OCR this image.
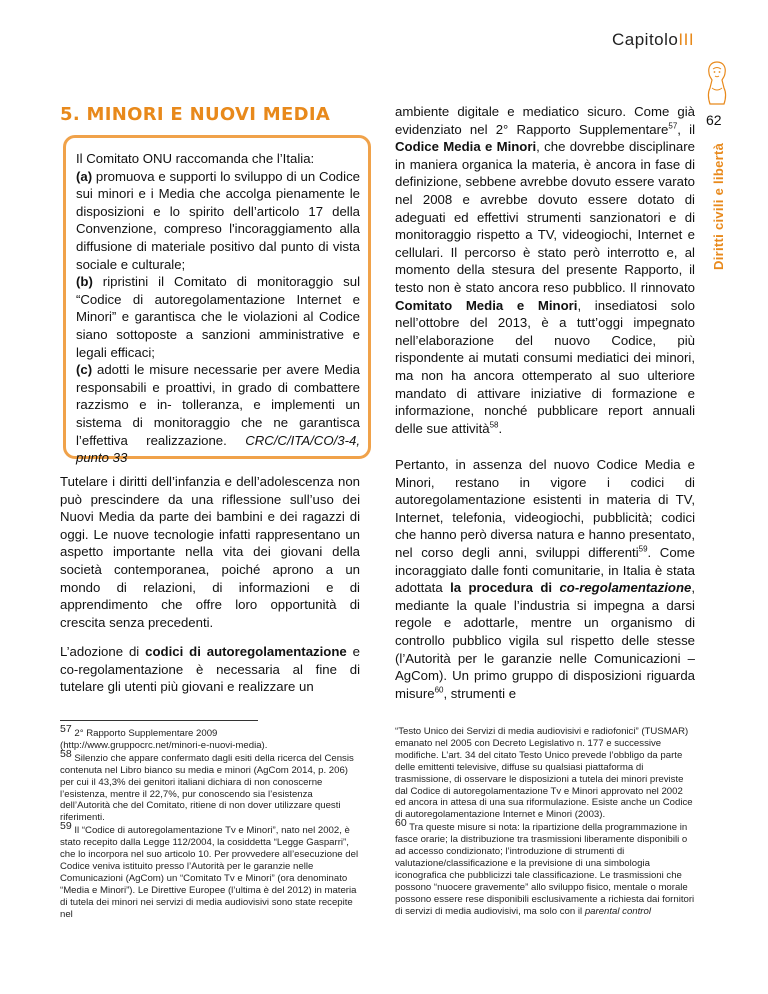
CapitoloIII
62
Diritti civili e libertà
5. MINORI E NUOVI MEDIA

Il Comitato ONU raccomanda che l’Italia:

(a) promuova e supporti lo sviluppo di un Codice sui minori e i Media che accolga pienamente le disposizioni e lo spirito dell’articolo 17 della Convenzione, compreso l'incoraggiamento alla diffusione di materiale positivo dal punto di vista sociale e culturale;

(b) ripristini il Comitato di monitoraggio sul “Codice di autoregolamentazione Internet e Minori” e garantisca che le violazioni al Codice siano sottoposte a sanzioni amministrative e legali efficaci;

(c) adotti le misure necessarie per avere Media responsabili e proattivi, in grado di combattere razzismo e in- tolleranza, e implementi un sistema di monitoraggio che ne garantisca l’effettiva realizzazione. CRC/C/ITA/CO/3-4, punto 33

Tutelare i diritti dell’infanzia e dell’adolescenza non può prescindere da una riflessione sull’uso dei Nuovi Media da parte dei bambini e dei ragazzi di oggi. Le nuove tecnologie infatti rappresentano un aspetto importante nella vita dei giovani della società contemporanea, poiché aprono a un mondo di relazioni, di informazioni e di apprendimento che offre loro opportunità di crescita senza precedenti.

L’adozione di codici di autoregolamentazione e co-regolamentazione è necessaria al fine di tutelare gli utenti più giovani e realizzare un

ambiente digitale e mediatico sicuro. Come già evidenziato nel 2° Rapporto Supplementare$^{57}$, il Codice Media e Minori, che dovrebbe disciplinare in maniera organica la materia, è ancora in fase di definizione, sebbene avrebbe dovuto essere varato nel 2008 e avrebbe dovuto essere dotato di adeguati ed effettivi strumenti sanzionatori e di monitoraggio rispetto a TV, videogiochi, Internet e cellulari. Il percorso è stato però interrotto e, al momento della stesura del presente Rapporto, il testo non è stato ancora reso pubblico. Il rinnovato Comitato Media e Minori, insediatosi solo nell’ottobre del 2013, è a tutt’oggi impegnato nell’elaborazione del nuovo Codice, più rispondente ai mutati consumi mediatici dei minori, ma non ha ancora ottemperato al suo ulteriore mandato di attivare iniziative di formazione e informazione, nonché pubblicare report annuali delle sue attività$^{58}$.

Pertanto, in assenza del nuovo Codice Media e Minori, restano in vigore i codici di autoregolamentazione esistenti in materia di TV, Internet, telefonia, videogiochi, pubblicità; codici che hanno però diversa natura e hanno presentato, nel corso degli anni, sviluppi differenti$^{59}$. Come incoraggiato dalle fonti comunitarie, in Italia è stata adottata la procedura di co-regolamentazione, mediante la quale l’industria si impegna a darsi regole e adottarle, mentre un organismo di controllo pubblico vigila sul rispetto delle stesse (l’Autorità per le garanzie nelle Comunicazioni – AgCom). Un primo gruppo di disposizioni riguarda misure$^{60}$, strumenti e

$^{57}$ 2° Rapporto Supplementare 2009 (http://www.gruppocrc.net/minori-e-nuovi-media).

$^{58}$ Silenzio che appare confermato dagli esiti della ricerca del Censis contenuta nel Libro bianco su media e minori (AgCom 2014, p. 206) per cui il 43,3% dei genitori italiani dichiara di non conoscerne l’esistenza, mentre il 22,7%, pur conoscendo sia l’esistenza dell’Autorità che del Comitato, ritiene di non dover utilizzare questi riferimenti.

$^{59}$ Il “Codice di autoregolamentazione Tv e Minori”, nato nel 2002, è stato recepito dalla Legge 112/2004, la cosiddetta “Legge Gasparri”, che lo incorpora nel suo articolo 10. Per provvedere all’esecuzione del Codice veniva istituito presso l’Autorità per le garanzie nelle Comunicazioni (AgCom) un “Comitato Tv e Minori” (ora denominato “Media e Minori”). Le Direttive Europee (l’ultima è del 2012) in materia di tutela dei minori nei servizi di media audiovisivi sono state recepite nel

“Testo Unico dei Servizi di media audiovisivi e radiofonici” (TUSMAR) emanato nel 2005 con Decreto Legislativo n. 177 e successive modifiche. L’art. 34 del citato Testo Unico prevede l’obbligo da parte delle emittenti televisive, diffuse su qualsiasi piattaforma di trasmissione, di osservare le disposizioni a tutela dei minori previste dal Codice di autoregolamentazione Tv e Minori approvato nel 2002 ed ancora in attesa di una sua riformulazione. Esiste anche un Codice di autoregolamentazione Internet e Minori (2003).

$^{60}$ Tra queste misure si nota: la ripartizione della programmazione in fasce orarie; la distribuzione tra trasmissioni liberamente disponibili o ad accesso condizionato; l’introduzione di strumenti di valutazione/classificazione e la previsione di una simbologia iconografica che pubblicizzi tale classificazione. Le trasmissioni che possono “nuocere gravemente” allo sviluppo fisico, mentale o morale possono essere rese disponibili esclusivamente a richiesta dai fornitori di servizi di media audiovisivi, ma solo con il parental control
